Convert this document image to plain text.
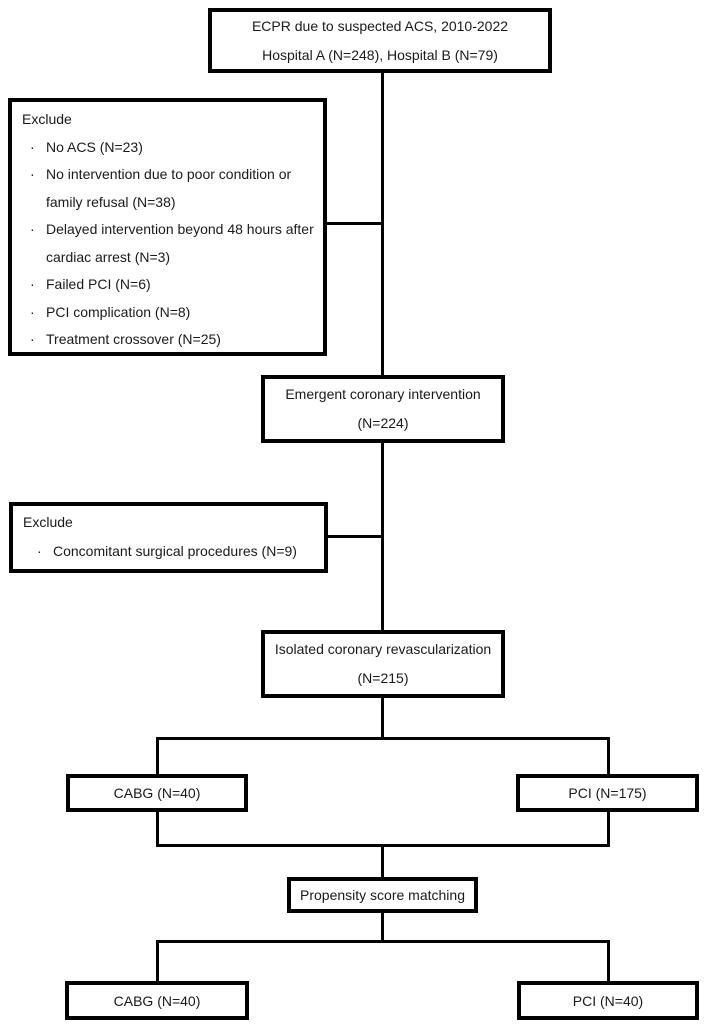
ECPR due to suspected ACS, 2010-2022
Hospital A (N=248), Hospital B (N=79)
Exclude
· No ACS (N=23)
· No intervention due to poor condition or family refusal (N=38)
· Delayed intervention beyond 48 hours after cardiac arrest (N=3)
· Failed PCI (N=6)
· PCI complication (N=8)
· Treatment crossover (N=25)
Emergent coronary intervention
(N=224)
Exclude
· Concomitant surgical procedures (N=9)
Isolated coronary revascularization
(N=215)
CABG (N=40)	PCI (N=175)
Propensity score matching
CABG (N=40)	PCI (N=40)
